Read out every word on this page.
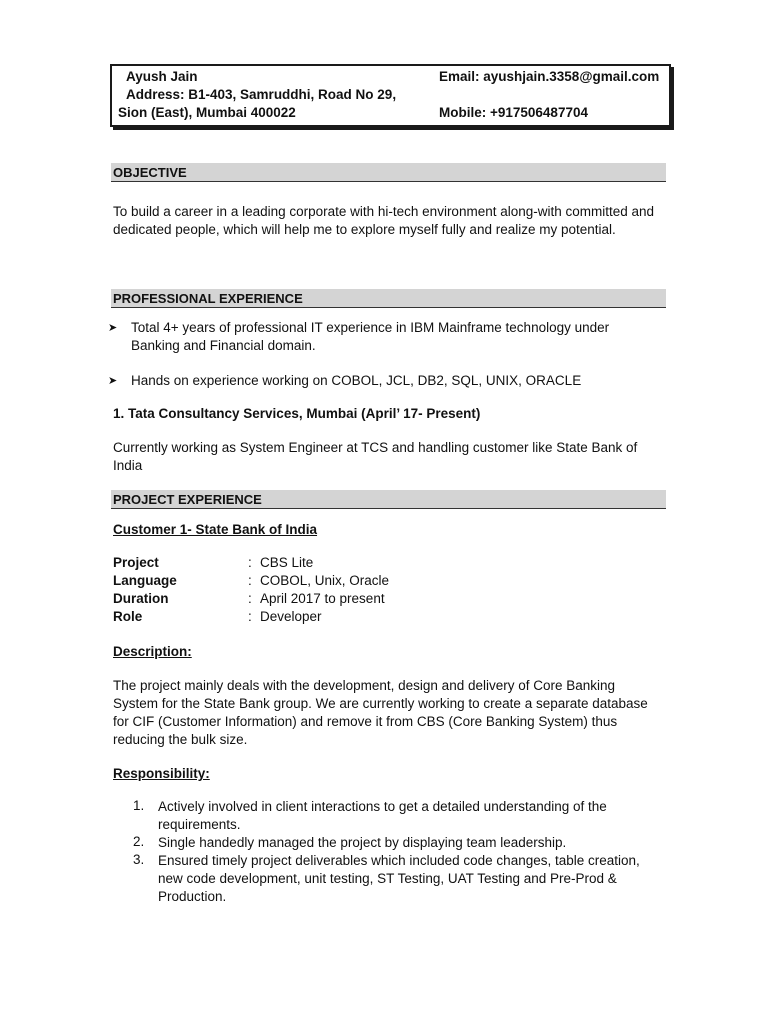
Ayush Jain
Address: B1-403, Samruddhi, Road No 29,
Sion (East), Mumbai 400022
Email: ayushjain.3358@gmail.com
Mobile: +917506487704
OBJECTIVE
To build a career in a leading corporate with hi-tech environment along-with committed and dedicated people, which will help me to explore myself fully and realize my potential.
PROFESSIONAL EXPERIENCE
➤ Total 4+ years of professional IT experience in IBM Mainframe technology under Banking and Financial domain.
➤ Hands on experience working on COBOL, JCL, DB2, SQL, UNIX, ORACLE
1. Tata Consultancy Services, Mumbai (April’ 17- Present)
Currently working as System Engineer at TCS and handling customer like State Bank of India
PROJECT EXPERIENCE
Customer 1- State Bank of India
Project	: CBS Lite
Language	: COBOL, Unix, Oracle
Duration	: April 2017 to present
Role	: Developer
Description:
The project mainly deals with the development, design and delivery of Core Banking System for the State Bank group. We are currently working to create a separate database for CIF (Customer Information) and remove it from CBS (Core Banking System) thus reducing the bulk size.
Responsibility:
1.	Actively involved in client interactions to get a detailed understanding of the requirements.
2.	Single handedly managed the project by displaying team leadership.
3.	Ensured timely project deliverables which included code changes, table creation, new code development, unit testing, ST Testing, UAT Testing and Pre-Prod & Production.
